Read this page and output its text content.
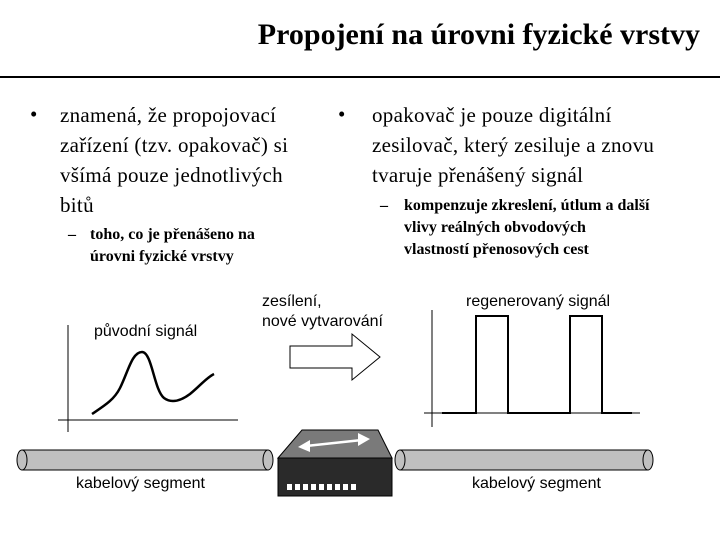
Propojení na úrovni fyzické vrstvy
• znamená, že propojovací
zařízení (tzv. opakovač) si
všímá pouze jednotlivých
bitů
– toho, co je přenášeno na
úrovni fyzické vrstvy
• opakovač je pouze digitální
zesilovač, který zesiluje a znovu
tvaruje přenášený signál
– kompenzuje zkreslení, útlum a další
vlivy reálných obvodových
vlastností přenosových cest
původní signál
zesílení,
nové vytvarování
regenerovaný signál
kabelový segment	kabelový segment
